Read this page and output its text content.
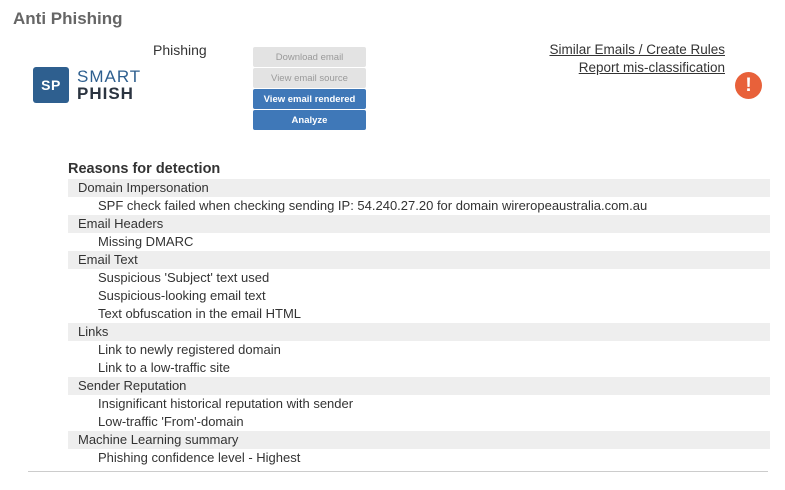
Anti Phishing
Phishing
SP SMART
PHISH
Download email
View email source
View email rendered
Analyze
Similar Emails / Create Rules
Report mis-classification
!
Reasons for detection
Domain Impersonation
SPF check failed when checking sending IP: 54.240.27.20 for domain wireropeaustralia.com.au
Email Headers
Missing DMARC
Email Text
Suspicious 'Subject' text used
Suspicious-looking email text
Text obfuscation in the email HTML
Links
Link to newly registered domain
Link to a low-traffic site
Sender Reputation
Insignificant historical reputation with sender
Low-traffic 'From'-domain
Machine Learning summary
Phishing confidence level - Highest
